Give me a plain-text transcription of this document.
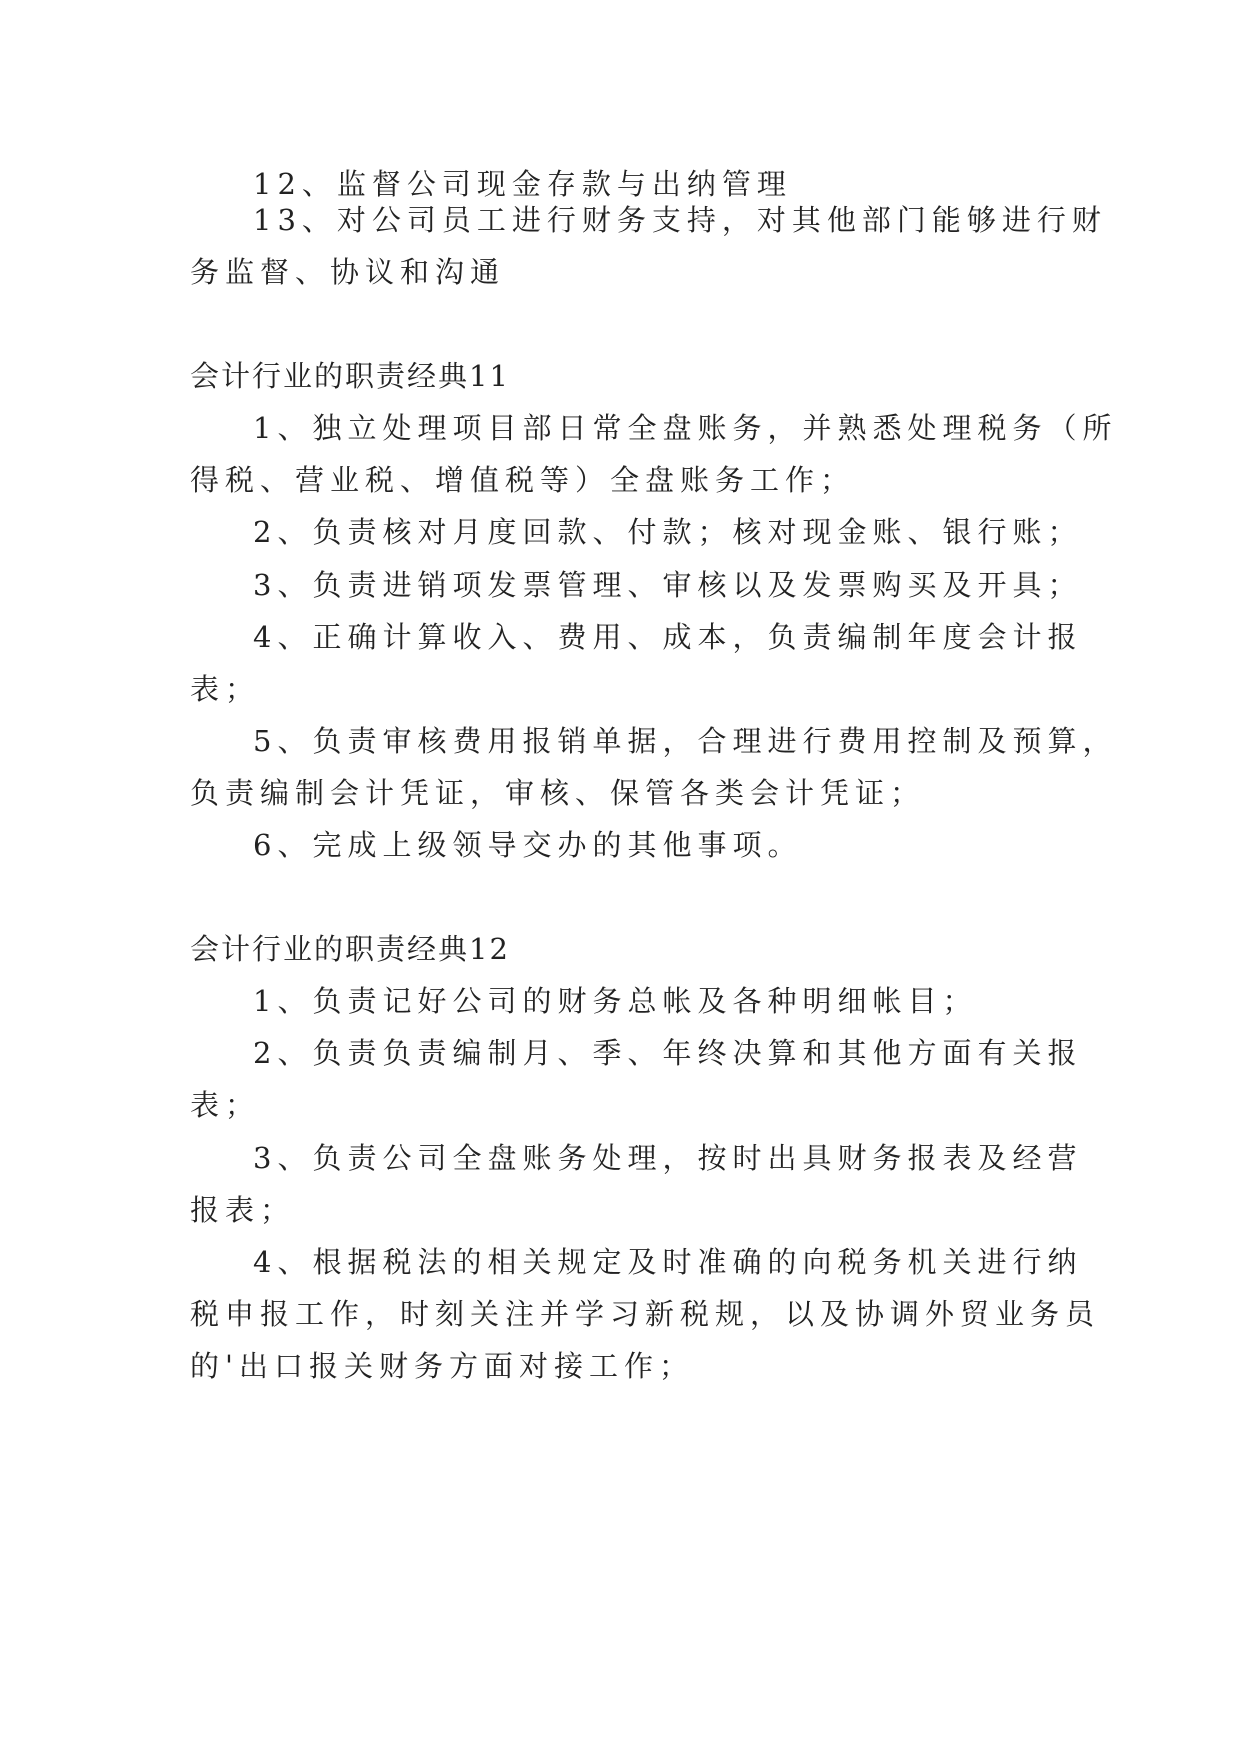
12、监督公司现金存款与出纳管理
13、对公司员工进行财务支持，对其他部门能够进行财
务监督、协议和沟通
会计行业的职责经典11
1、独立处理项目部日常全盘账务，并熟悉处理税务（所
得税、营业税、增值税等）全盘账务工作；
2、负责核对月度回款、付款；核对现金账、银行账；
3、负责进销项发票管理、审核以及发票购买及开具；
4、正确计算收入、费用、成本，负责编制年度会计报
表；
5、负责审核费用报销单据，合理进行费用控制及预算，
负责编制会计凭证，审核、保管各类会计凭证；
6、完成上级领导交办的其他事项。
会计行业的职责经典12
1、负责记好公司的财务总帐及各种明细帐目；
2、负责负责编制月、季、年终决算和其他方面有关报
表；
3、负责公司全盘账务处理，按时出具财务报表及经营
报表；
4、根据税法的相关规定及时准确的向税务机关进行纳
税申报工作，时刻关注并学习新税规，以及协调外贸业务员
的'出口报关财务方面对接工作；
